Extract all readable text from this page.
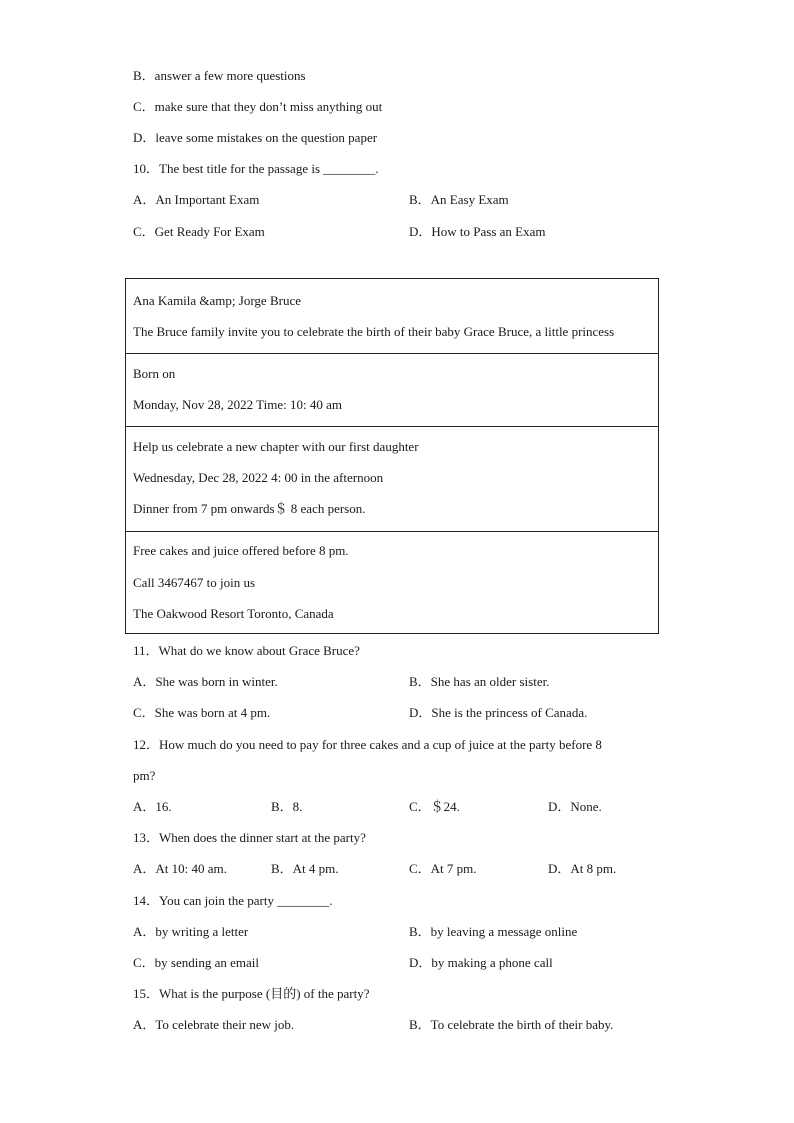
B．answer a few more questions
C．make sure that they don’t miss anything out
D．leave some mistakes on the question paper
10．The best title for the passage is ________.
A．An Important Exam	B．An Easy Exam
C．Get Ready For Exam	D．How to Pass an Exam
Ana Kamila &amp; Jorge Bruce
The Bruce family invite you to celebrate the birth of their baby Grace Bruce, a little princess
Born on
Monday, Nov 28, 2022 Time: 10: 40 am
Help us celebrate a new chapter with our first daughter
Wednesday, Dec 28, 2022 4: 00 in the afternoon
Dinner from 7 pm onwards＄ 8 each person.
Free cakes and juice offered before 8 pm.
Call 3467467 to join us
The Oakwood Resort Toronto, Canada
11．What do we know about Grace Bruce?
A．She was born in winter.	B．She has an older sister.
C．She was born at 4 pm.	D．She is the princess of Canada.
12．How much do you need to pay for three cakes and a cup of juice at the party before 8
pm?
A．16.	B．8.	C．＄24.	D．None.
13．When does the dinner start at the party?
A．At 10: 40 am.	B．At 4 pm.	C．At 7 pm.	D．At 8 pm.
14．You can join the party ________.
A．by writing a letter	B．by leaving a message online
C．by sending an email	D．by making a phone call
15．What is the purpose (目的) of the party?
A．To celebrate their new job.	B．To celebrate the birth of their baby.
